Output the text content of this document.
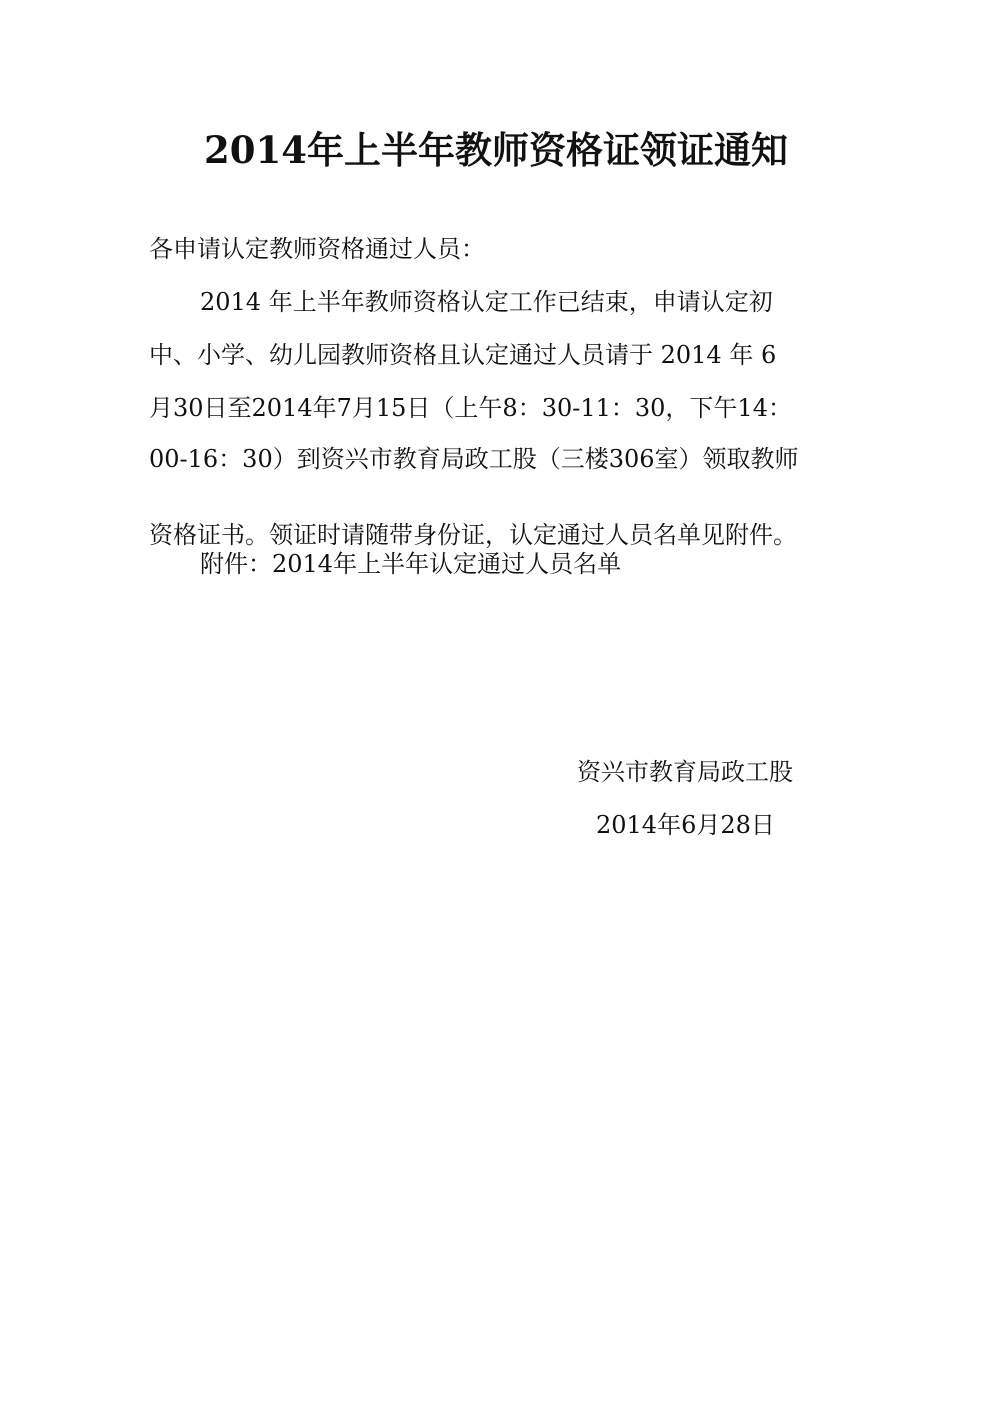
2014年上半年教师资格证领证通知

各申请认定教师资格通过人员：

2014 年上半年教师资格认定工作已结束，申请认定初

中、小学、幼儿园教师资格且认定通过人员请于 2014 年 6

月30日至2014年7月15日（上午8：30-11：30，下午14：

00-16：30）到资兴市教育局政工股（三楼306室）领取教师

资格证书。领证时请随带身份证，认定通过人员名单见附件。

附件：2014年上半年认定通过人员名单

资兴市教育局政工股

2014年6月28日
